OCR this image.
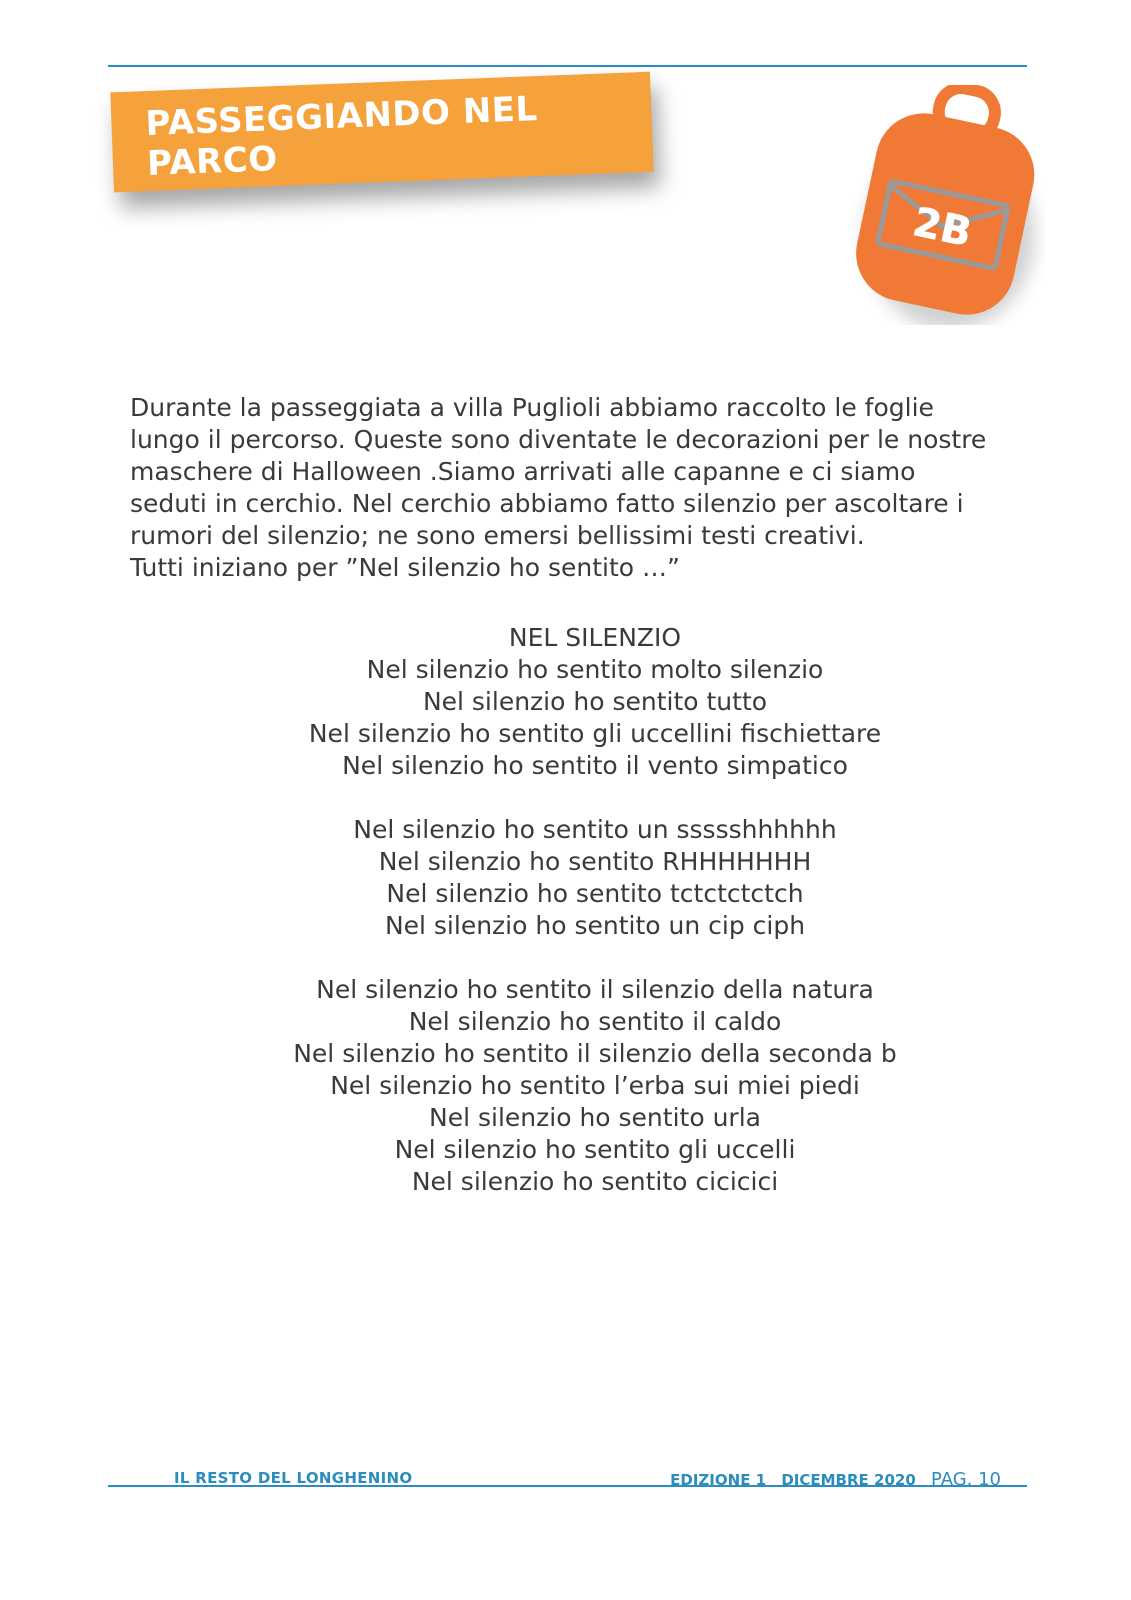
PASSEGGIANDO NEL PARCO
2B

Durante la passeggiata a villa Puglioli abbiamo raccolto le foglie

lungo il percorso. Queste sono diventate le decorazioni per le nostre

maschere di Halloween .Siamo arrivati alle capanne e ci siamo

seduti in cerchio. Nel cerchio abbiamo fatto silenzio per ascoltare i

rumori del silenzio; ne sono emersi bellissimi testi creativi.

Tutti iniziano per ”Nel silenzio ho sentito …”

NEL SILENZIO

Nel silenzio ho sentito molto silenzio
Nel silenzio ho sentito tutto
Nel silenzio ho sentito gli uccellini fischiettare
Nel silenzio ho sentito il vento simpatico
Nel silenzio ho sentito un ssssshhhhhh
Nel silenzio ho sentito RHHHHHHH
Nel silenzio ho sentito tctctctctch
Nel silenzio ho sentito un cip ciph
Nel silenzio ho sentito il silenzio della natura
Nel silenzio ho sentito il caldo
Nel silenzio ho sentito il silenzio della seconda b
Nel silenzio ho sentito l’erba sui miei piedi
Nel silenzio ho sentito urla
Nel silenzio ho sentito gli uccelli
Nel silenzio ho sentito cicicici
IL RESTO DEL LONGHENINO	EDIZIONE 1 DICEMBRE 2020 PAG. 10
